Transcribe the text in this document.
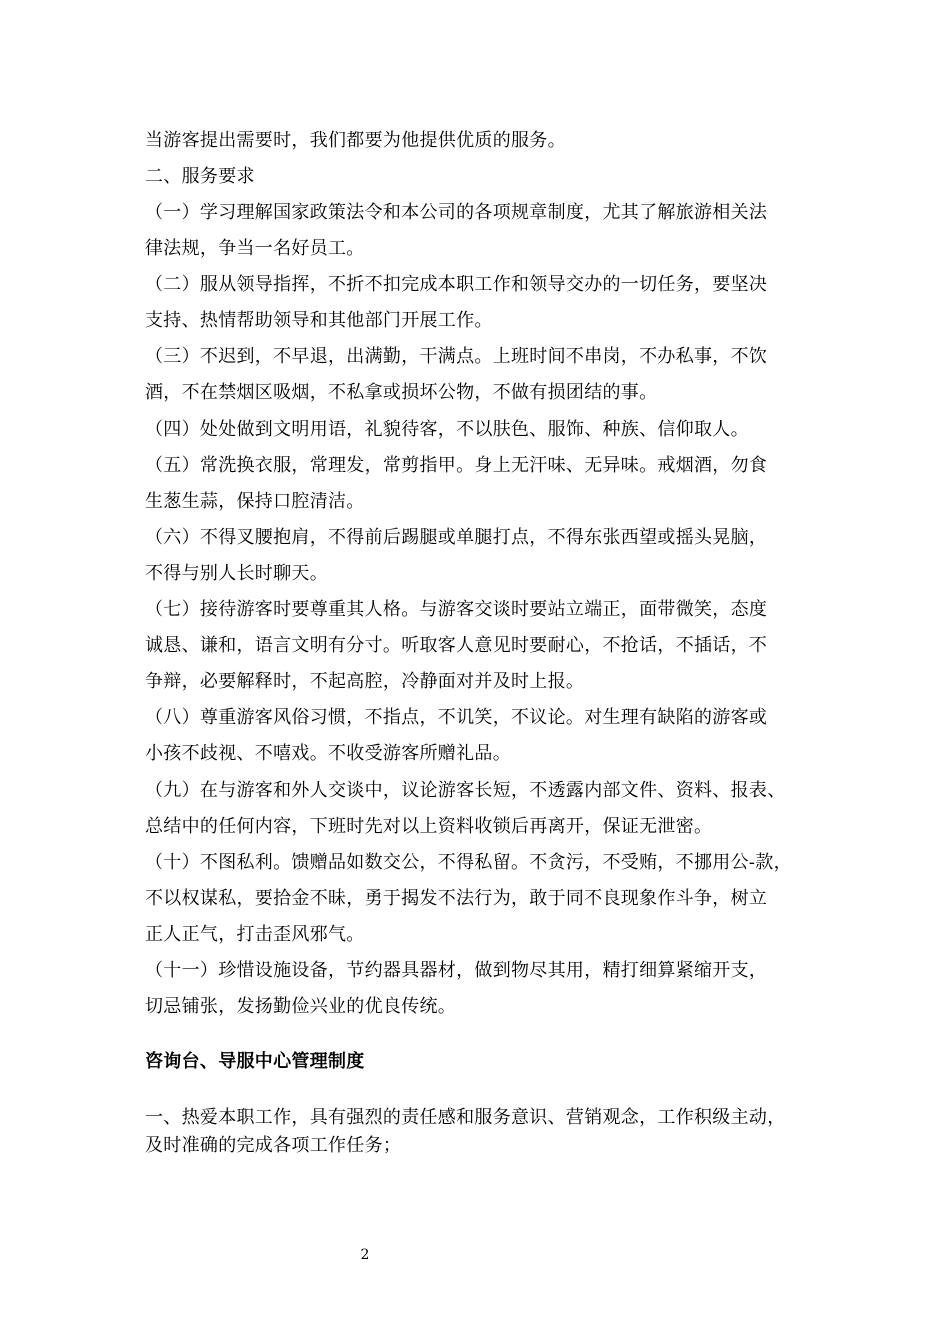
当游客提出需要时，我们都要为他提供优质的服务。
二、服务要求
（一）学习理解国家政策法令和本公司的各项规章制度，尤其了解旅游相关法
律法规，争当一名好员工。
（二）服从领导指挥，不折不扣完成本职工作和领导交办的一切任务，要坚决
支持、热情帮助领导和其他部门开展工作。
（三）不迟到，不早退，出满勤，干满点。上班时间不串岗，不办私事，不饮
酒，不在禁烟区吸烟，不私拿或损坏公物，不做有损团结的事。
（四）处处做到文明用语，礼貌待客，不以肤色、服饰、种族、信仰取人。
（五）常洗换衣服，常理发，常剪指甲。身上无汗味、无异味。戒烟酒，勿食
生葱生蒜，保持口腔清洁。
（六）不得叉腰抱肩，不得前后踢腿或单腿打点，不得东张西望或摇头晃脑，
不得与别人长时聊天。
（七）接待游客时要尊重其人格。与游客交谈时要站立端正，面带微笑，态度
诚恳、谦和，语言文明有分寸。听取客人意见时要耐心，不抢话，不插话，不
争辩，必要解释时，不起高腔，冷静面对并及时上报。
（八）尊重游客风俗习惯，不指点，不讥笑，不议论。对生理有缺陷的游客或
小孩不歧视、不嘻戏。不收受游客所赠礼品。
（九）在与游客和外人交谈中，议论游客长短，不透露内部文件、资料、报表、
总结中的任何内容，下班时先对以上资料收锁后再离开，保证无泄密。
（十）不图私利。馈赠品如数交公，不得私留。不贪污，不受贿，不挪用公-款，
不以权谋私，要拾金不昧，勇于揭发不法行为，敢于同不良现象作斗争，树立
正人正气，打击歪风邪气。
（十一）珍惜设施设备，节约器具器材，做到物尽其用，精打细算紧缩开支，
切忌铺张，发扬勤俭兴业的优良传统。
咨询台、导服中心管理制度
一、热爱本职工作，具有强烈的责任感和服务意识、营销观念，工作积级主动，
及时准确的完成各项工作任务；
2
